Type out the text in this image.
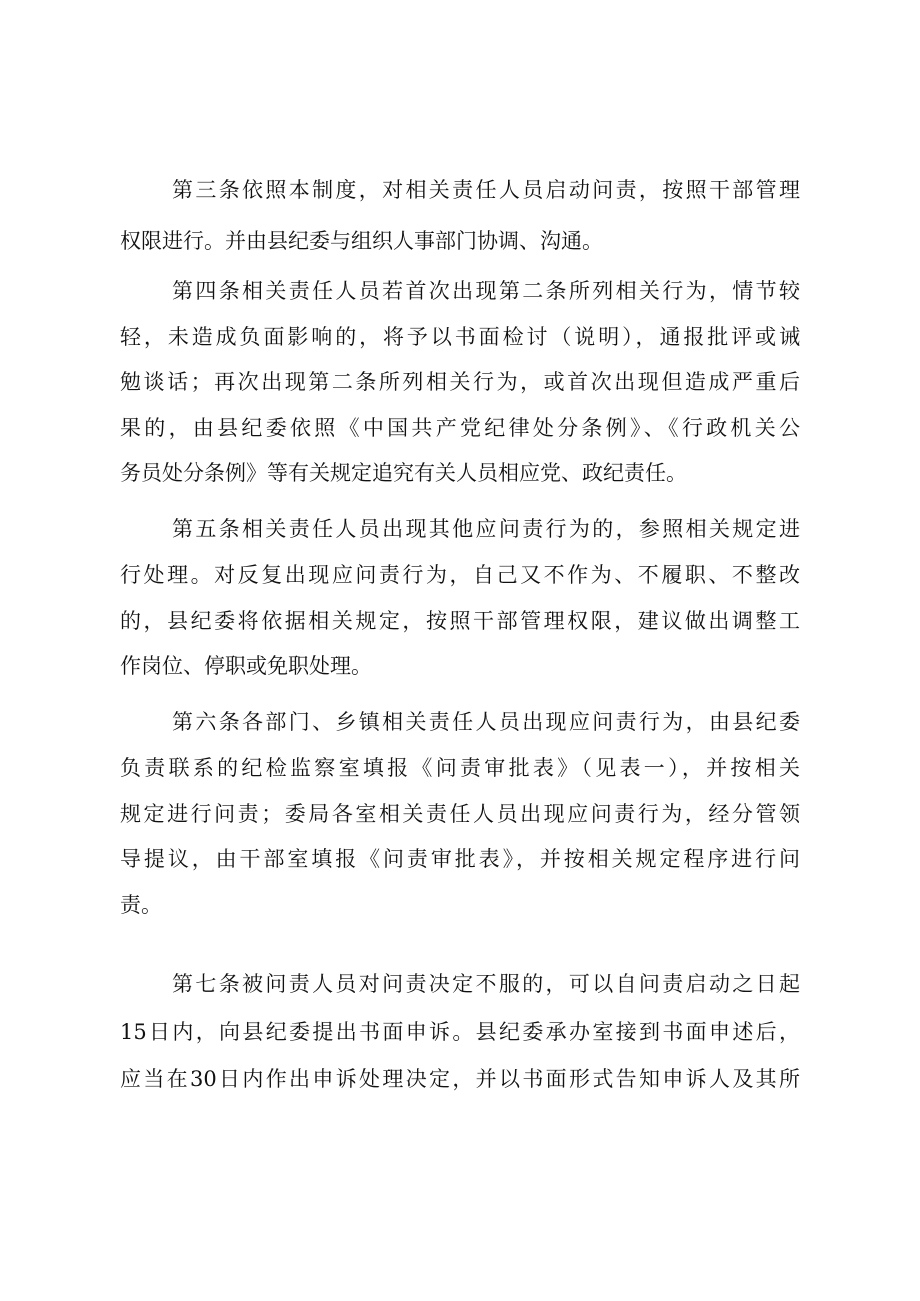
第三条依照本制度，对相关责任人员启动问责，按照干部管理
权限进行。并由县纪委与组织人事部门协调、沟通。
第四条相关责任人员若首次出现第二条所列相关行为，情节较
轻，未造成负面影响的，将予以书面检讨（说明），通报批评或诫
勉谈话；再次出现第二条所列相关行为，或首次出现但造成严重后
果的，由县纪委依照《中国共产党纪律处分条例》、《行政机关公
务员处分条例》等有关规定追究有关人员相应党、政纪责任。
第五条相关责任人员出现其他应问责行为的，参照相关规定进
行处理。对反复出现应问责行为，自己又不作为、不履职、不整改
的，县纪委将依据相关规定，按照干部管理权限，建议做出调整工
作岗位、停职或免职处理。
第六条各部门、乡镇相关责任人员出现应问责行为，由县纪委
负责联系的纪检监察室填报《问责审批表》（见表一），并按相关
规定进行问责；委局各室相关责任人员出现应问责行为，经分管领
导提议，由干部室填报《问责审批表》，并按相关规定程序进行问
责。
第七条被问责人员对问责决定不服的，可以自问责启动之日起
15日内，向县纪委提出书面申诉。县纪委承办室接到书面申述后，
应当在30日内作出申诉处理决定，并以书面形式告知申诉人及其所
